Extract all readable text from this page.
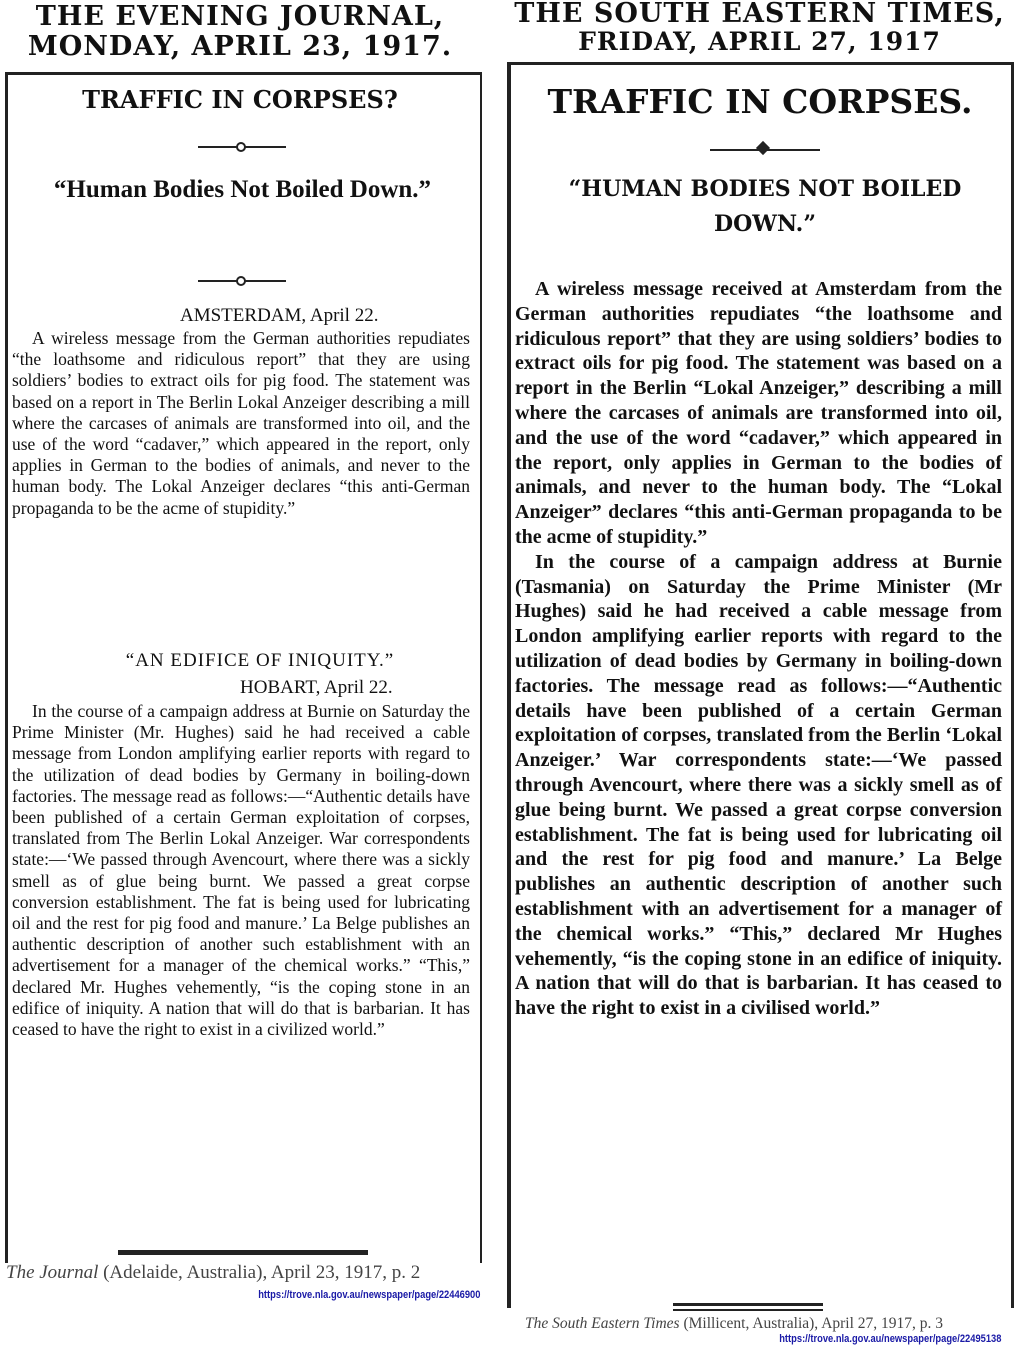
THE EVENING JOURNAL,
MONDAY, APRIL 23, 1917.
TRAFFIC IN CORPSES?
“Human Bodies Not Boiled Down.”
AMSTERDAM, April 22.

A wireless message from the German authorities repudiates “the loathsome and ridiculous report” that they are using soldiers’ bodies to extract oils for pig food. The statement was based on a report in The Berlin Lokal Anzeiger describing a mill where the carcases of animals are transformed into oil, and the use of the word “cadaver,” which appeared in the report, only applies in German to the bodies of animals, and never to the human body. The Lokal Anzeiger declares “this anti-German propaganda to be the acme of stupidity.”

“AN EDIFICE OF INIQUITY.”
HOBART, April 22.

In the course of a campaign address at Burnie on Saturday the Prime Minister (Mr. Hughes) said he had received a cable message from London amplifying earlier reports with regard to the utilization of dead bodies by Germany in boiling-down factories. The message read as follows:—“Authentic details have been published of a certain German exploitation of corpses, translated from The Berlin Lokal Anzeiger. War correspondents state:—‘We passed through Avencourt, where there was a sickly smell as of glue being burnt. We passed a great corpse conversion establishment. The fat is being used for lubricating oil and the rest for pig food and manure.’ La Belge publishes an authentic description of another such establishment with an advertisement for a manager of the chemical works.” “This,” declared Mr. Hughes vehemently, “is the coping stone in an edifice of iniquity. A nation that will do that is barbarian. It has ceased to have the right to exist in a civilized world.”

The Journal (Adelaide, Australia), April 23, 1917, p. 2
https://trove.nla.gov.au/newspaper/page/22446900
THE SOUTH EASTERN TIMES,
FRIDAY, APRIL 27, 1917
TRAFFIC IN CORPSES.
“HUMAN BODIES NOT BOILED DOWN.”

A wireless message received at Amsterdam from the German authorities repudiates “the loathsome and ridiculous report” that they are using soldiers’ bodies to extract oils for pig food. The statement was based on a report in the Berlin “Lokal Anzeiger,” describing a mill where the carcases of animals are transformed into oil, and the use of the word “cadaver,” which appeared in the report, only applies in German to the bodies of animals, and never to the human body. The “Lokal Anzeiger” declares “this anti-German propaganda to be the acme of stupidity.”

In the course of a campaign address at Burnie (Tasmania) on Saturday the Prime Minister (Mr Hughes) said he had received a cable message from London amplifying earlier reports with regard to the utilization of dead bodies by Germany in boiling-down factories. The message read as follows:—“Authentic details have been published of a certain German exploitation of corpses, translated from the Berlin ‘Lokal Anzeiger.’ War correspondents state:—‘We passed through Avencourt, where there was a sickly smell as of glue being burnt. We passed a great corpse conversion establishment. The fat is being used for lubricating oil and the rest for pig food and manure.’ La Belge publishes an authentic description of another such establishment with an advertisement for a manager of the chemical works.” “This,” declared Mr Hughes vehemently, “is the coping stone in an edifice of iniquity. A nation that will do that is barbarian. It has ceased to have the right to exist in a civilised world.”

The South Eastern Times (Millicent, Australia), April 27, 1917, p. 3
https://trove.nla.gov.au/newspaper/page/22495138
